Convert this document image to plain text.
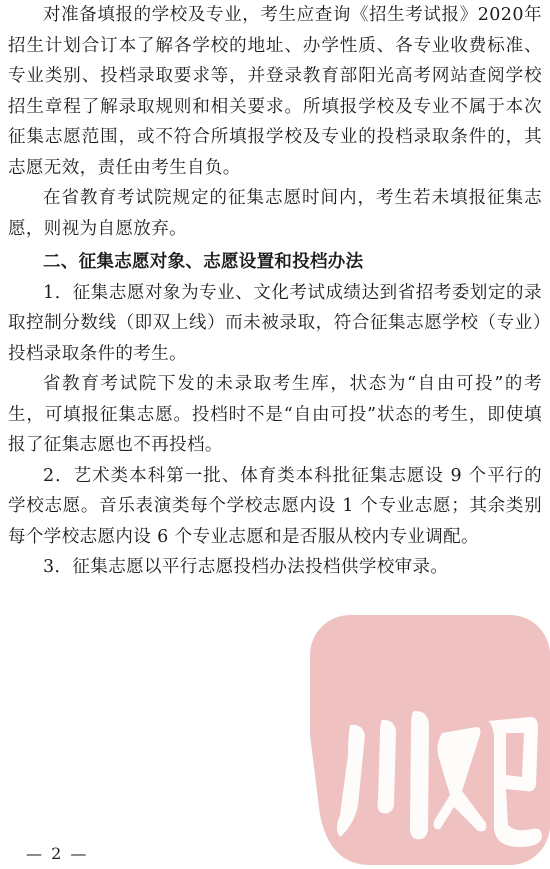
对准备填报的学校及专业，考生应查询《招生考试报》2020年招生计划合订本了解各学校的地址、办学性质、各专业收费标准、专业类别、投档录取要求等，并登录教育部阳光高考网站查阅学校招生章程了解录取规则和相关要求。所填报学校及专业不属于本次征集志愿范围，或不符合所填报学校及专业的投档录取条件的，其志愿无效，责任由考生自负。

在省教育考试院规定的征集志愿时间内，考生若未填报征集志愿，则视为自愿放弃。

二、征集志愿对象、志愿设置和投档办法

1．征集志愿对象为专业、文化考试成绩达到省招考委划定的录取控制分数线（即双上线）而未被录取，符合征集志愿学校（专业）投档录取条件的考生。

省教育考试院下发的未录取考生库，状态为“自由可投”的考生，可填报征集志愿。投档时不是“自由可投”状态的考生，即使填报了征集志愿也不再投档。

2．艺术类本科第一批、体育类本科批征集志愿设 9 个平行的学校志愿。音乐表演类每个学校志愿内设 1 个专业志愿；其余类别每个学校志愿内设 6 个专业志愿和是否服从校内专业调配。

3．征集志愿以平行志愿投档办法投档供学校审录。

— 2 —
